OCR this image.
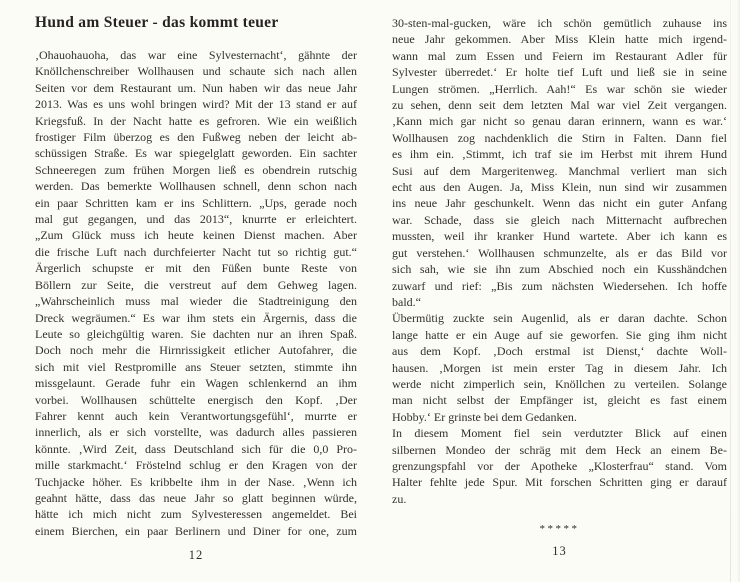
Hund am Steuer - das kommt teuer
‚Ohauohauoha, das war eine Sylvesternacht‘, gähnte der
Knöllchenschreiber Wollhausen und schaute sich nach allen
Seiten vor dem Restaurant um. Nun haben wir das neue Jahr
2013. Was es uns wohl bringen wird? Mit der 13 stand er auf
Kriegsfuß. In der Nacht hatte es gefroren. Wie ein weißlich
frostiger Film überzog es den Fußweg neben der leicht ab-
schüssigen Straße. Es war spiegelglatt geworden. Ein sachter
Schneeregen zum frühen Morgen ließ es obendrein rutschig
werden. Das bemerkte Wollhausen schnell, denn schon nach
ein paar Schritten kam er ins Schlittern. „Ups, gerade noch
mal gut gegangen, und das 2013“, knurrte er erleichtert.
„Zum Glück muss ich heute keinen Dienst machen. Aber
die frische Luft nach durchfeierter Nacht tut so richtig gut.“
Ärgerlich schupste er mit den Füßen bunte Reste von
Böllern zur Seite, die verstreut auf dem Gehweg lagen.
„Wahrscheinlich muss mal wieder die Stadtreinigung den
Dreck wegräumen.“ Es war ihm stets ein Ärgernis, dass die
Leute so gleichgültig waren. Sie dachten nur an ihren Spaß.
Doch noch mehr die Hirnrissigkeit etlicher Autofahrer, die
sich mit viel Restpromille ans Steuer setzten, stimmte ihn
missgelaunt. Gerade fuhr ein Wagen schlenkernd an ihm
vorbei. Wollhausen schüttelte energisch den Kopf. ‚Der
Fahrer kennt auch kein Verantwortungsgefühl‘, murrte er
innerlich, als er sich vorstellte, was dadurch alles passieren
könnte. ‚Wird Zeit, dass Deutschland sich für die 0,0 Pro-
mille starkmacht.‘ Fröstelnd schlug er den Kragen von der
Tuchjacke höher. Es kribbelte ihm in der Nase. ‚Wenn ich
geahnt hätte, dass das neue Jahr so glatt beginnen würde,
hätte ich mich nicht zum Sylvesteressen angemeldet. Bei
einem Bierchen, ein paar Berlinern und Diner for one, zum
12
30-sten-mal-gucken, wäre ich schön gemütlich zuhause ins
neue Jahr gekommen. Aber Miss Klein hatte mich irgend-
wann mal zum Essen und Feiern im Restaurant Adler für
Sylvester überredet.‘ Er holte tief Luft und ließ sie in seine
Lungen strömen. „Herrlich. Aah!“ Es war schön sie wieder
zu sehen, denn seit dem letzten Mal war viel Zeit vergangen.
‚Kann mich gar nicht so genau daran erinnern, wann es war.‘
Wollhausen zog nachdenklich die Stirn in Falten. Dann fiel
es ihm ein. ‚Stimmt, ich traf sie im Herbst mit ihrem Hund
Susi auf dem Margeritenweg. Manchmal verliert man sich
echt aus den Augen. Ja, Miss Klein, nun sind wir zusammen
ins neue Jahr geschunkelt. Wenn das nicht ein guter Anfang
war. Schade, dass sie gleich nach Mitternacht aufbrechen
mussten, weil ihr kranker Hund wartete. Aber ich kann es
gut verstehen.‘ Wollhausen schmunzelte, als er das Bild vor
sich sah, wie sie ihn zum Abschied noch ein Kusshändchen
zuwarf und rief: „Bis zum nächsten Wiedersehen. Ich hoffe
bald.“
Übermütig zuckte sein Augenlid, als er daran dachte. Schon
lange hatte er ein Auge auf sie geworfen. Sie ging ihm nicht
aus dem Kopf. ‚Doch erstmal ist Dienst,‘ dachte Woll-
hausen. ‚Morgen ist mein erster Tag in diesem Jahr. Ich
werde nicht zimperlich sein, Knöllchen zu verteilen. Solange
man nicht selbst der Empfänger ist, gleicht es fast einem
Hobby.‘ Er grinste bei dem Gedanken.
In diesem Moment fiel sein verdutzter Blick auf einen
silbernen Mondeo der schräg mit dem Heck an einem Be-
grenzungspfahl vor der Apotheke „Klosterfrau“ stand. Vom
Halter fehlte jede Spur. Mit forschen Schritten ging er darauf
zu.
*****
13
